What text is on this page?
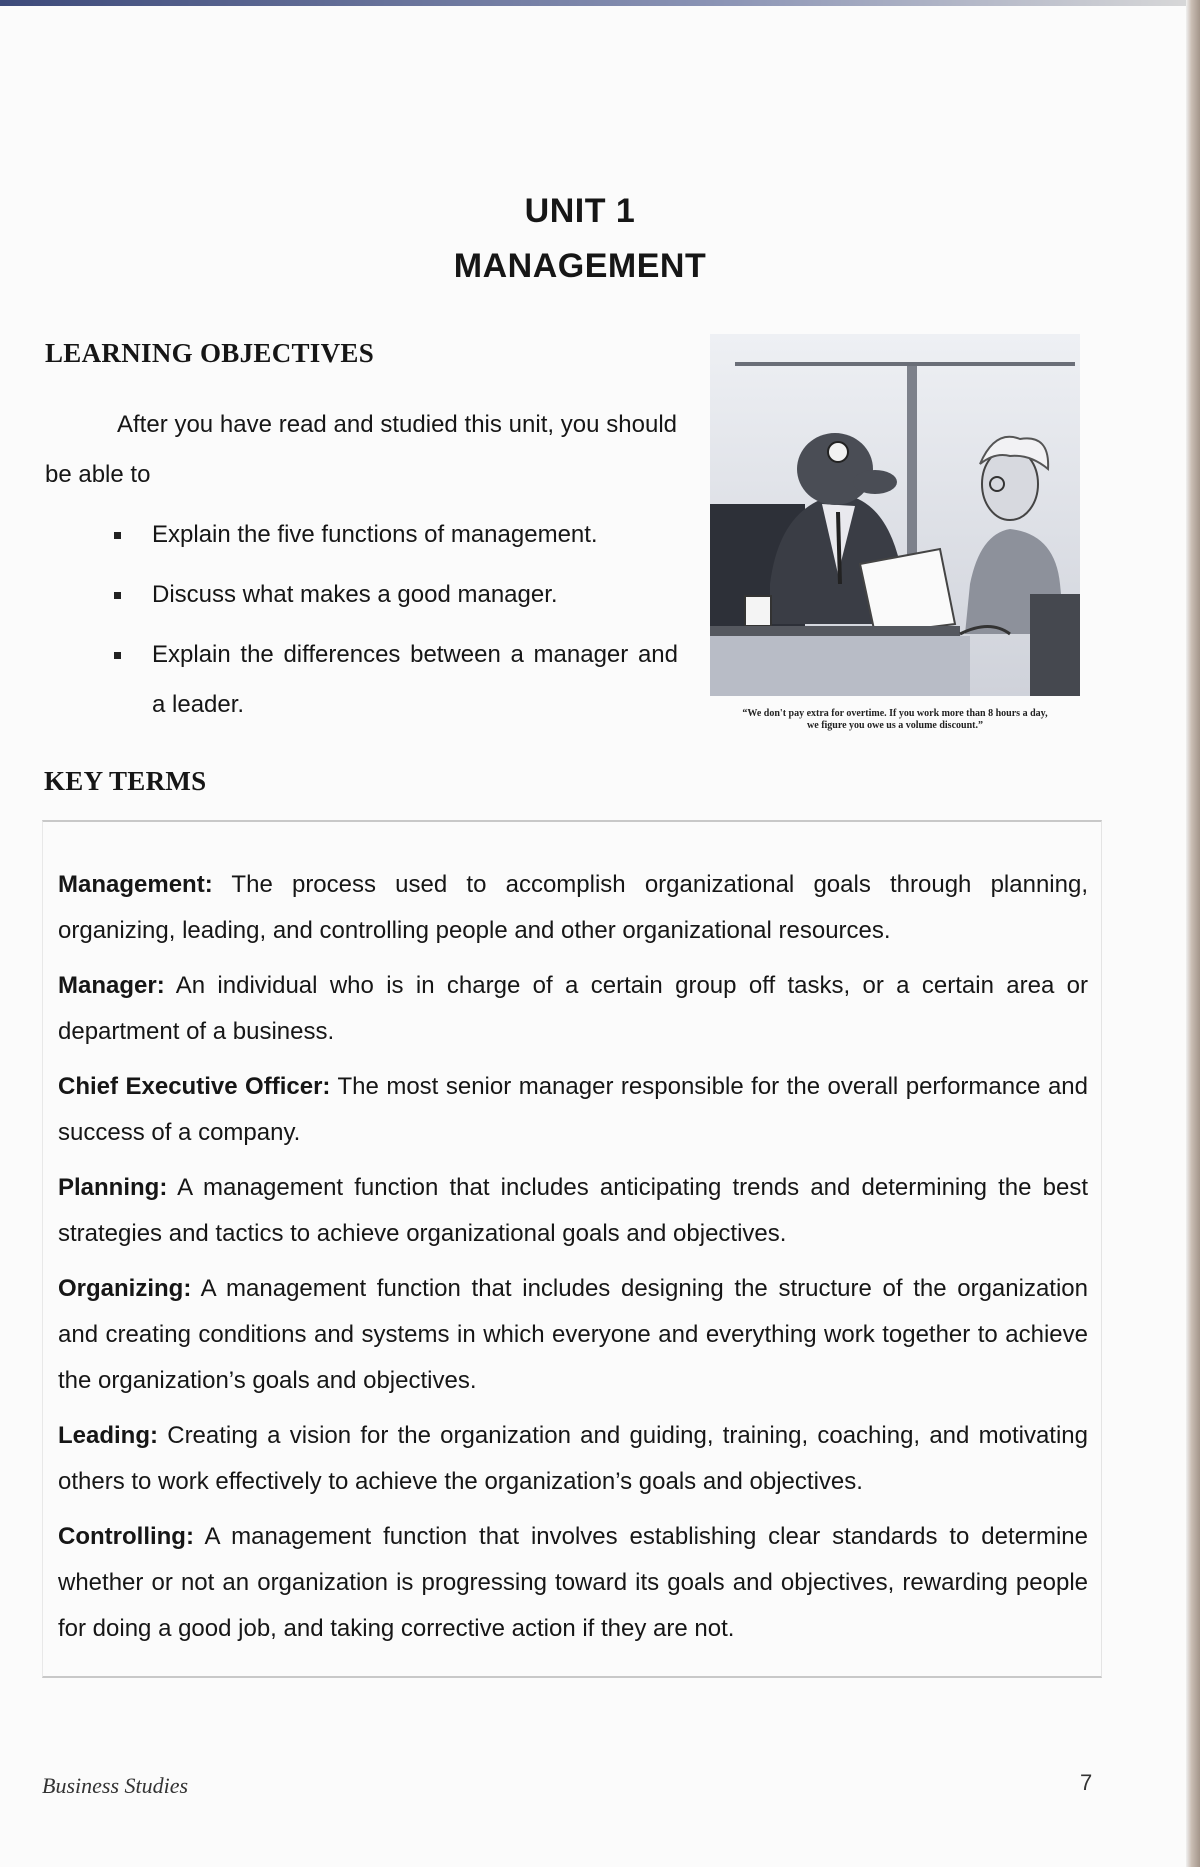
UNIT 1
MANAGEMENT
LEARNING OBJECTIVES

After you have read and studied this unit, you should be able to

Explain the five functions of management.
Discuss what makes a good manager.
Explain the differences between a manager and a leader.	“We don't pay extra for overtime. If you work more than 8 hours a day, we figure you owe us a volume discount.”

KEY TERMS

Management: The process used to accomplish organizational goals through planning, organizing, leading, and controlling people and other organizational resources.

Manager: An individual who is in charge of a certain group off tasks, or a certain area or department of a business.

Chief Executive Officer: The most senior manager responsible for the overall performance and success of a company.

Planning: A management function that includes anticipating trends and determining the best strategies and tactics to achieve organizational goals and objectives.

Organizing: A management function that includes designing the structure of the organization and creating conditions and systems in which everyone and everything work together to achieve the organization’s goals and objectives.

Leading: Creating a vision for the organization and guiding, training, coaching, and motivating others to work effectively to achieve the organization’s goals and objectives.

Controlling: A management function that involves establishing clear standards to determine whether or not an organization is progressing toward its goals and objectives, rewarding people for doing a good job, and taking corrective action if they are not.

Business Studies	7
